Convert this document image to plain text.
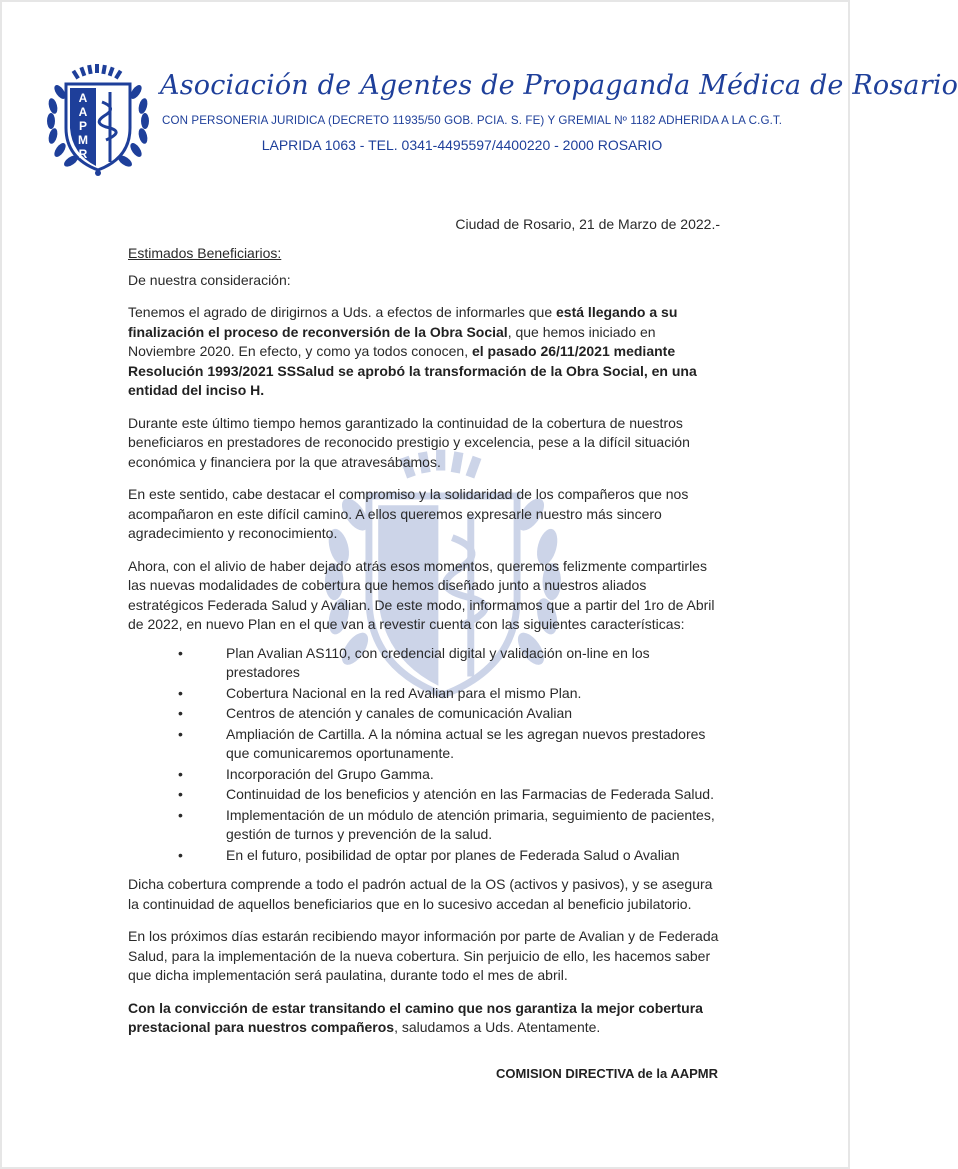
A
A
P
M
R
Asociación de Agentes de Propaganda Médica de Rosario
CON PERSONERIA JURIDICA (DECRETO 11935/50 GOB. PCIA. S. FE) Y GREMIAL Nº 1182 ADHERIDA A LA C.G.T.
LAPRIDA 1063 - TEL. 0341-4495597/4400220 - 2000 ROSARIO
Ciudad de Rosario, 21 de Marzo de 2022.-

Estimados Beneficiarios:

De nuestra consideración:

Tenemos el agrado de dirigirnos a Uds. a efectos de informarles que está llegando a su finalización el proceso de reconversión de la Obra Social, que hemos iniciado en Noviembre 2020. En efecto, y como ya todos conocen, el pasado 26/11/2021 mediante Resolución 1993/2021 SSSalud se aprobó la transformación de la Obra Social, en una entidad del inciso H.

Durante este último tiempo hemos garantizado la continuidad de la cobertura de nuestros beneficiaros en prestadores de reconocido prestigio y excelencia, pese a la difícil situación económica y financiera por la que atravesábamos.

En este sentido, cabe destacar el compromiso y la solidaridad de los compañeros que nos acompañaron en este difícil camino. A ellos queremos expresarle nuestro más sincero agradecimiento y reconocimiento.

Ahora, con el alivio de haber dejado atrás esos momentos, queremos felizmente compartirles las nuevas modalidades de cobertura que hemos diseñado junto a nuestros aliados estratégicos Federada Salud y Avalian. De este modo, informamos que a partir del 1ro de Abril de 2022, en nuevo Plan en el que van a revestir cuenta con las siguientes características:

•	Plan Avalian AS110, con credencial digital y validación on-line en los prestadores
•	Cobertura Nacional en la red Avalian para el mismo Plan.
•	Centros de atención y canales de comunicación Avalian
•	Ampliación de Cartilla. A la nómina actual se les agregan nuevos prestadores que comunicaremos oportunamente.
•	Incorporación del Grupo Gamma.
•	Continuidad de los beneficios y atención en las Farmacias de Federada Salud.
•	Implementación de un módulo de atención primaria, seguimiento de pacientes, gestión de turnos y prevención de la salud.
•	En el futuro, posibilidad de optar por planes de Federada Salud o Avalian

Dicha cobertura comprende a todo el padrón actual de la OS (activos y pasivos), y se asegura la continuidad de aquellos beneficiarios que en lo sucesivo accedan al beneficio jubilatorio.

En los próximos días estarán recibiendo mayor información por parte de Avalian y de Federada Salud, para la implementación de la nueva cobertura. Sin perjuicio de ello, les hacemos saber que dicha implementación será paulatina, durante todo el mes de abril.

Con la convicción de estar transitando el camino que nos garantiza la mejor cobertura prestacional para nuestros compañeros, saludamos a Uds. Atentamente.

COMISION DIRECTIVA de la AAPMR
